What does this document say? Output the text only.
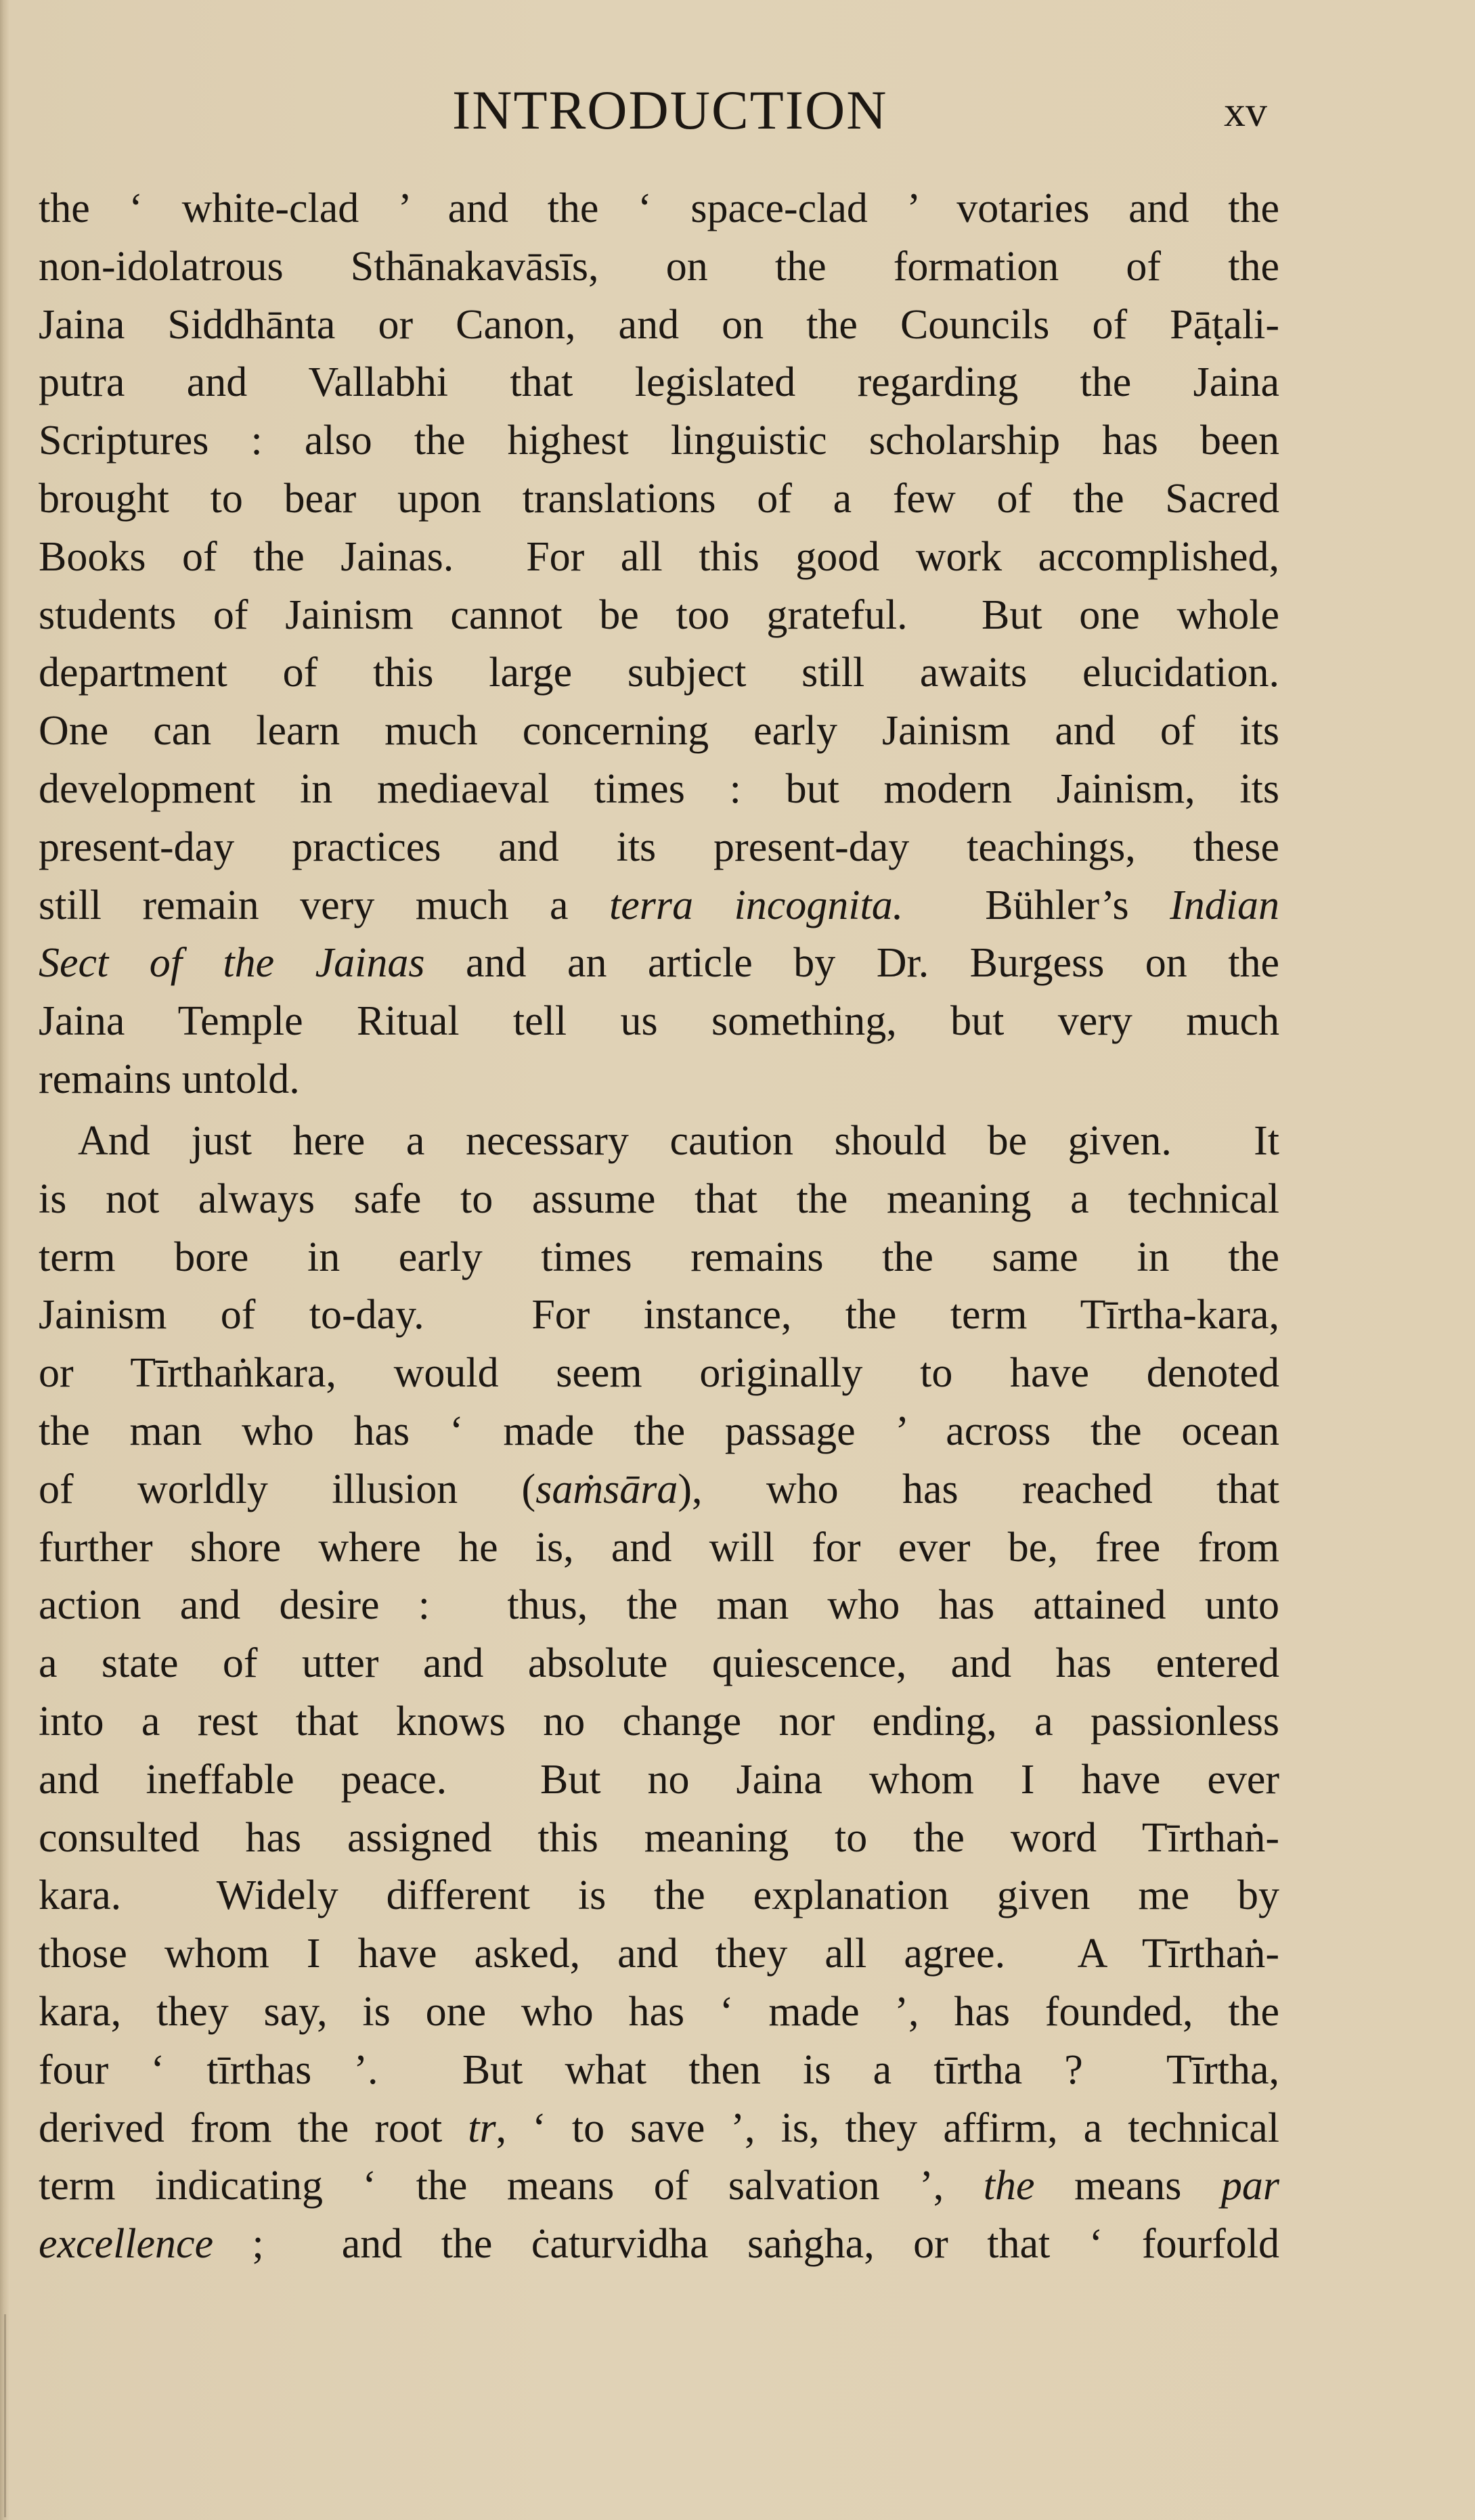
INTRODUCTION	xv
the ‘ white-clad ’ and the ‘ space-clad ’ votaries and the
non-idolatrous Sthānakavāsīs, on the formation of the
Jaina Siddhānta or Canon, and on the Councils of Pāṭali-
putra and Vallabhi that legislated regarding the Jaina
Scriptures : also the highest linguistic scholarship has been
brought to bear upon translations of a few of the Sacred
Books of the Jainas.  For all this good work accomplished,
students of Jainism cannot be too grateful.  But one whole
department of this large subject still awaits elucidation.
One can learn much concerning early Jainism and of its
development in mediaeval times : but modern Jainism, its
present-day practices and its present-day teachings, these
still remain very much a terra incognita.  Bühler’s Indian
Sect of the Jainas and an article by Dr. Burgess on the
Jaina Temple Ritual tell us something, but very much
remains untold.
And just here a necessary caution should be given.  It
is not always safe to assume that the meaning a technical
term bore in early times remains the same in the
Jainism of to-day.  For instance, the term Tīrtha-kara,
or Tīrthaṅkara, would seem originally to have denoted
the man who has ‘ made the passage ’ across the ocean
of worldly illusion (saṁsāra), who has reached that
further shore where he is, and will for ever be, free from
action and desire :  thus, the man who has attained unto
a state of utter and absolute quiescence, and has entered
into a rest that knows no change nor ending, a passionless
and ineffable peace.  But no Jaina whom I have ever
consulted has assigned this meaning to the word Tīrthaṅ-
kara.  Widely different is the explanation given me by
those whom I have asked, and they all agree.  A Tīrthaṅ-
kara, they say, is one who has ‘ made ’, has founded, the
four ‘ tīrthas ’.  But what then is a tīrtha ?  Tīrtha,
derived from the root tr, ‘ to save ’, is, they affirm, a technical
term indicating ‘ the means of salvation ’, the means par
excellence ;  and the ċaturvidha saṅgha, or that ‘ fourfold
